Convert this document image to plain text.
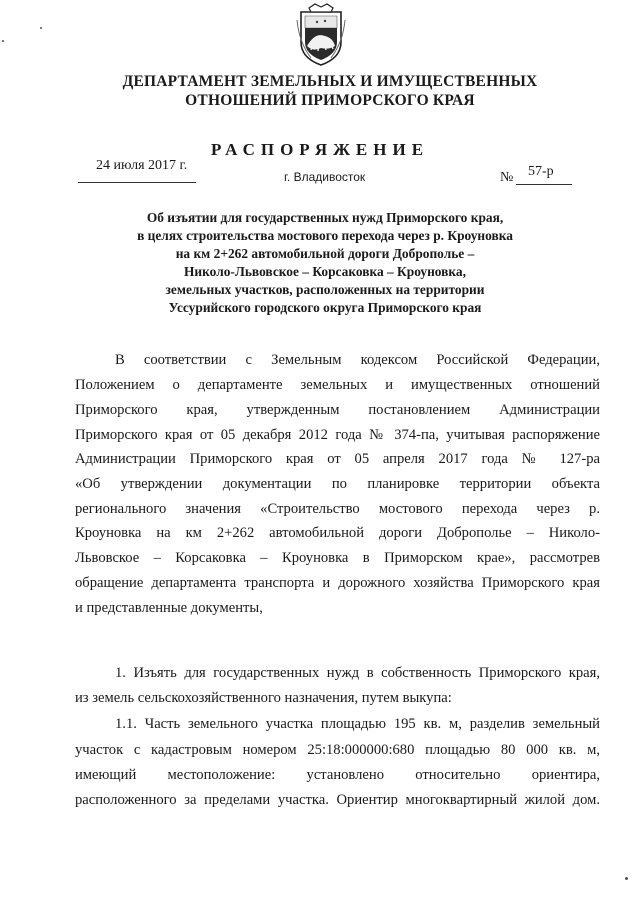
ДЕПАРТАМЕНТ ЗЕМЕЛЬНЫХ И ИМУЩЕСТВЕННЫХ
ОТНОШЕНИЙ ПРИМОРСКОГО КРАЯ
РАСПОРЯЖЕНИЕ
24 июля 2017 г.
г. Владивосток	№ 57-р
Об изъятии для государственных нужд Приморского края,
в целях строительства мостового перехода через р. Кроуновка
на км 2+262 автомобильной дороги Доброполье –
Николо-Львовское – Корсаковка – Кроуновка,
земельных участков, расположенных на территории
Уссурийского городского округа Приморского края
В соответствии с Земельным кодексом Российской Федерации,
Положением о департаменте земельных и имущественных отношений
Приморского края, утвержденным постановлением Администрации
Приморского края от 05 декабря 2012 года № 374-па, учитывая распоряжение
Администрации Приморского края от 05 апреля 2017 года № 127-ра
«Об утверждении документации по планировке территории объекта
регионального значения «Строительство мостового перехода через р.
Кроуновка на км 2+262 автомобильной дороги Доброполье – Николо-
Львовское – Корсаковка – Кроуновка в Приморском крае», рассмотрев
обращение департамента транспорта и дорожного хозяйства Приморского края
и представленные документы,
1. Изъять для государственных нужд в собственность Приморского края,
из земель сельскохозяйственного назначения, путем выкупа:
1.1. Часть земельного участка площадью 195 кв. м, разделив земельный
участок с кадастровым номером 25:18:000000:680 площадью 80 000 кв. м,
имеющий местоположение: установлено относительно ориентира,
расположенного за пределами участка. Ориентир многоквартирный жилой дом.
